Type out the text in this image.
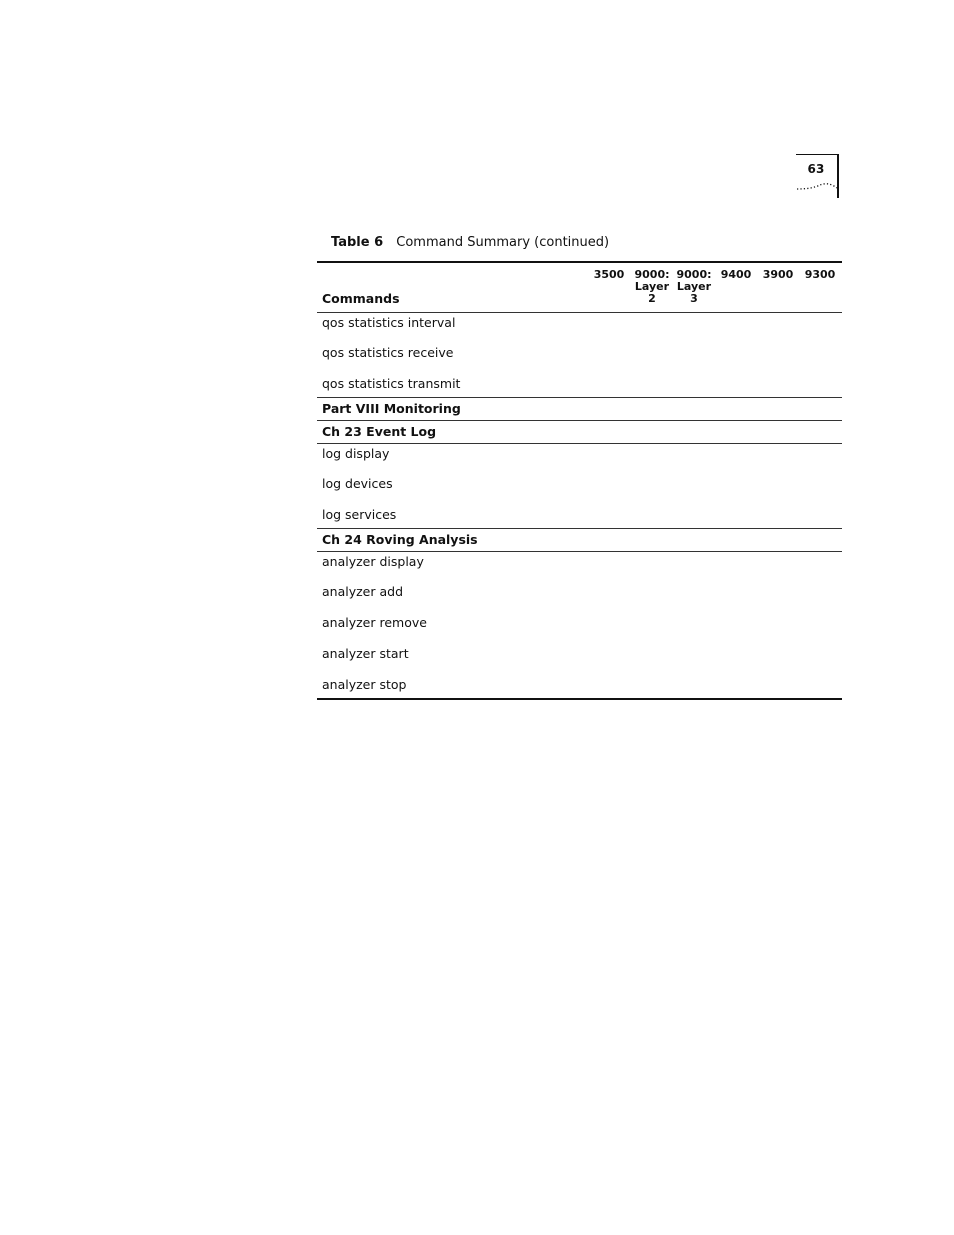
63
Table 6 Command Summary (continued)
3500 9000:
Layer
2
9000:
Layer
3
9400	3900	9300
Commands
qos statistics interval
qos statistics receive
qos statistics transmit
Part VIII Monitoring
Ch 23 Event Log
log display
log devices
log services
Ch 24 Roving Analysis
analyzer display
analyzer add
analyzer remove
analyzer start
analyzer stop
